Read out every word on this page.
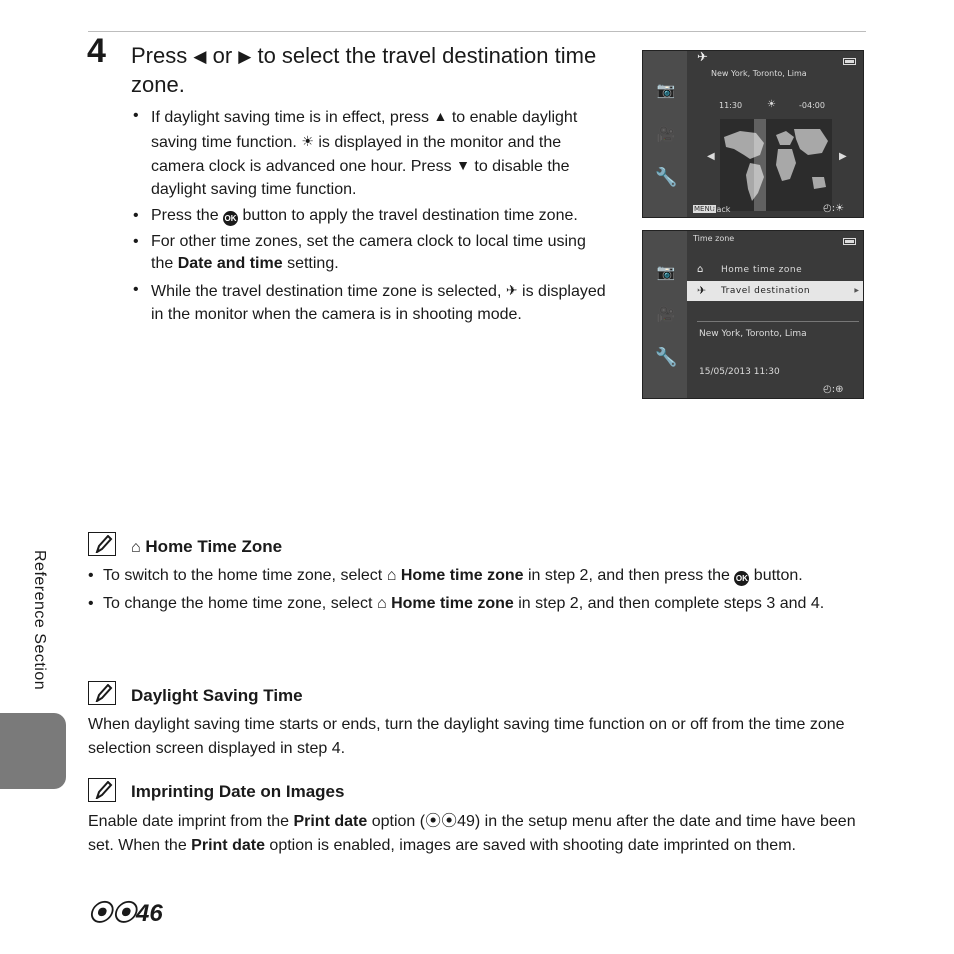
4 Press ◀ or ▶ to select the travel destination time zone.
• If daylight saving time is in effect, press ▲ to enable daylight saving time function. ☀ is displayed in the monitor and the camera clock is advanced one hour. Press ▼ to disable the daylight saving time function.
• Press the OK button to apply the travel destination time zone.
• For other time zones, set the camera clock to local time using the Date and time setting.
• While the travel destination time zone is selected, ✈ is displayed in the monitor when the camera is in shooting mode.
📷
🎥
🔧
✈
New York, Toronto, Lima
11:30 ☀	-04:00
◀	▶
MENU
Back	◴:☀
📷
🎥
🔧
Time zone
⌂ Home time zone
✈ Travel destination	▶
New York, Toronto, Lima
15/05/2013 11:30
◴:⊕
⌂ Home Time Zone
• To switch to the home time zone, select ⌂ Home time zone in step 2, and then press the OK button.
• To change the home time zone, select ⌂ Home time zone in step 2, and then complete steps 3 and 4.
Daylight Saving Time
When daylight saving time starts or ends, turn the daylight saving time function on or off from the time zone selection screen displayed in step 4.
Imprinting Date on Images
Enable date imprint from the Print date option (⦿⦿49) in the setup menu after the date and time have been set. When the Print date option is enabled, images are saved with shooting date imprinted on them.
Reference Section
⦿⦿46
